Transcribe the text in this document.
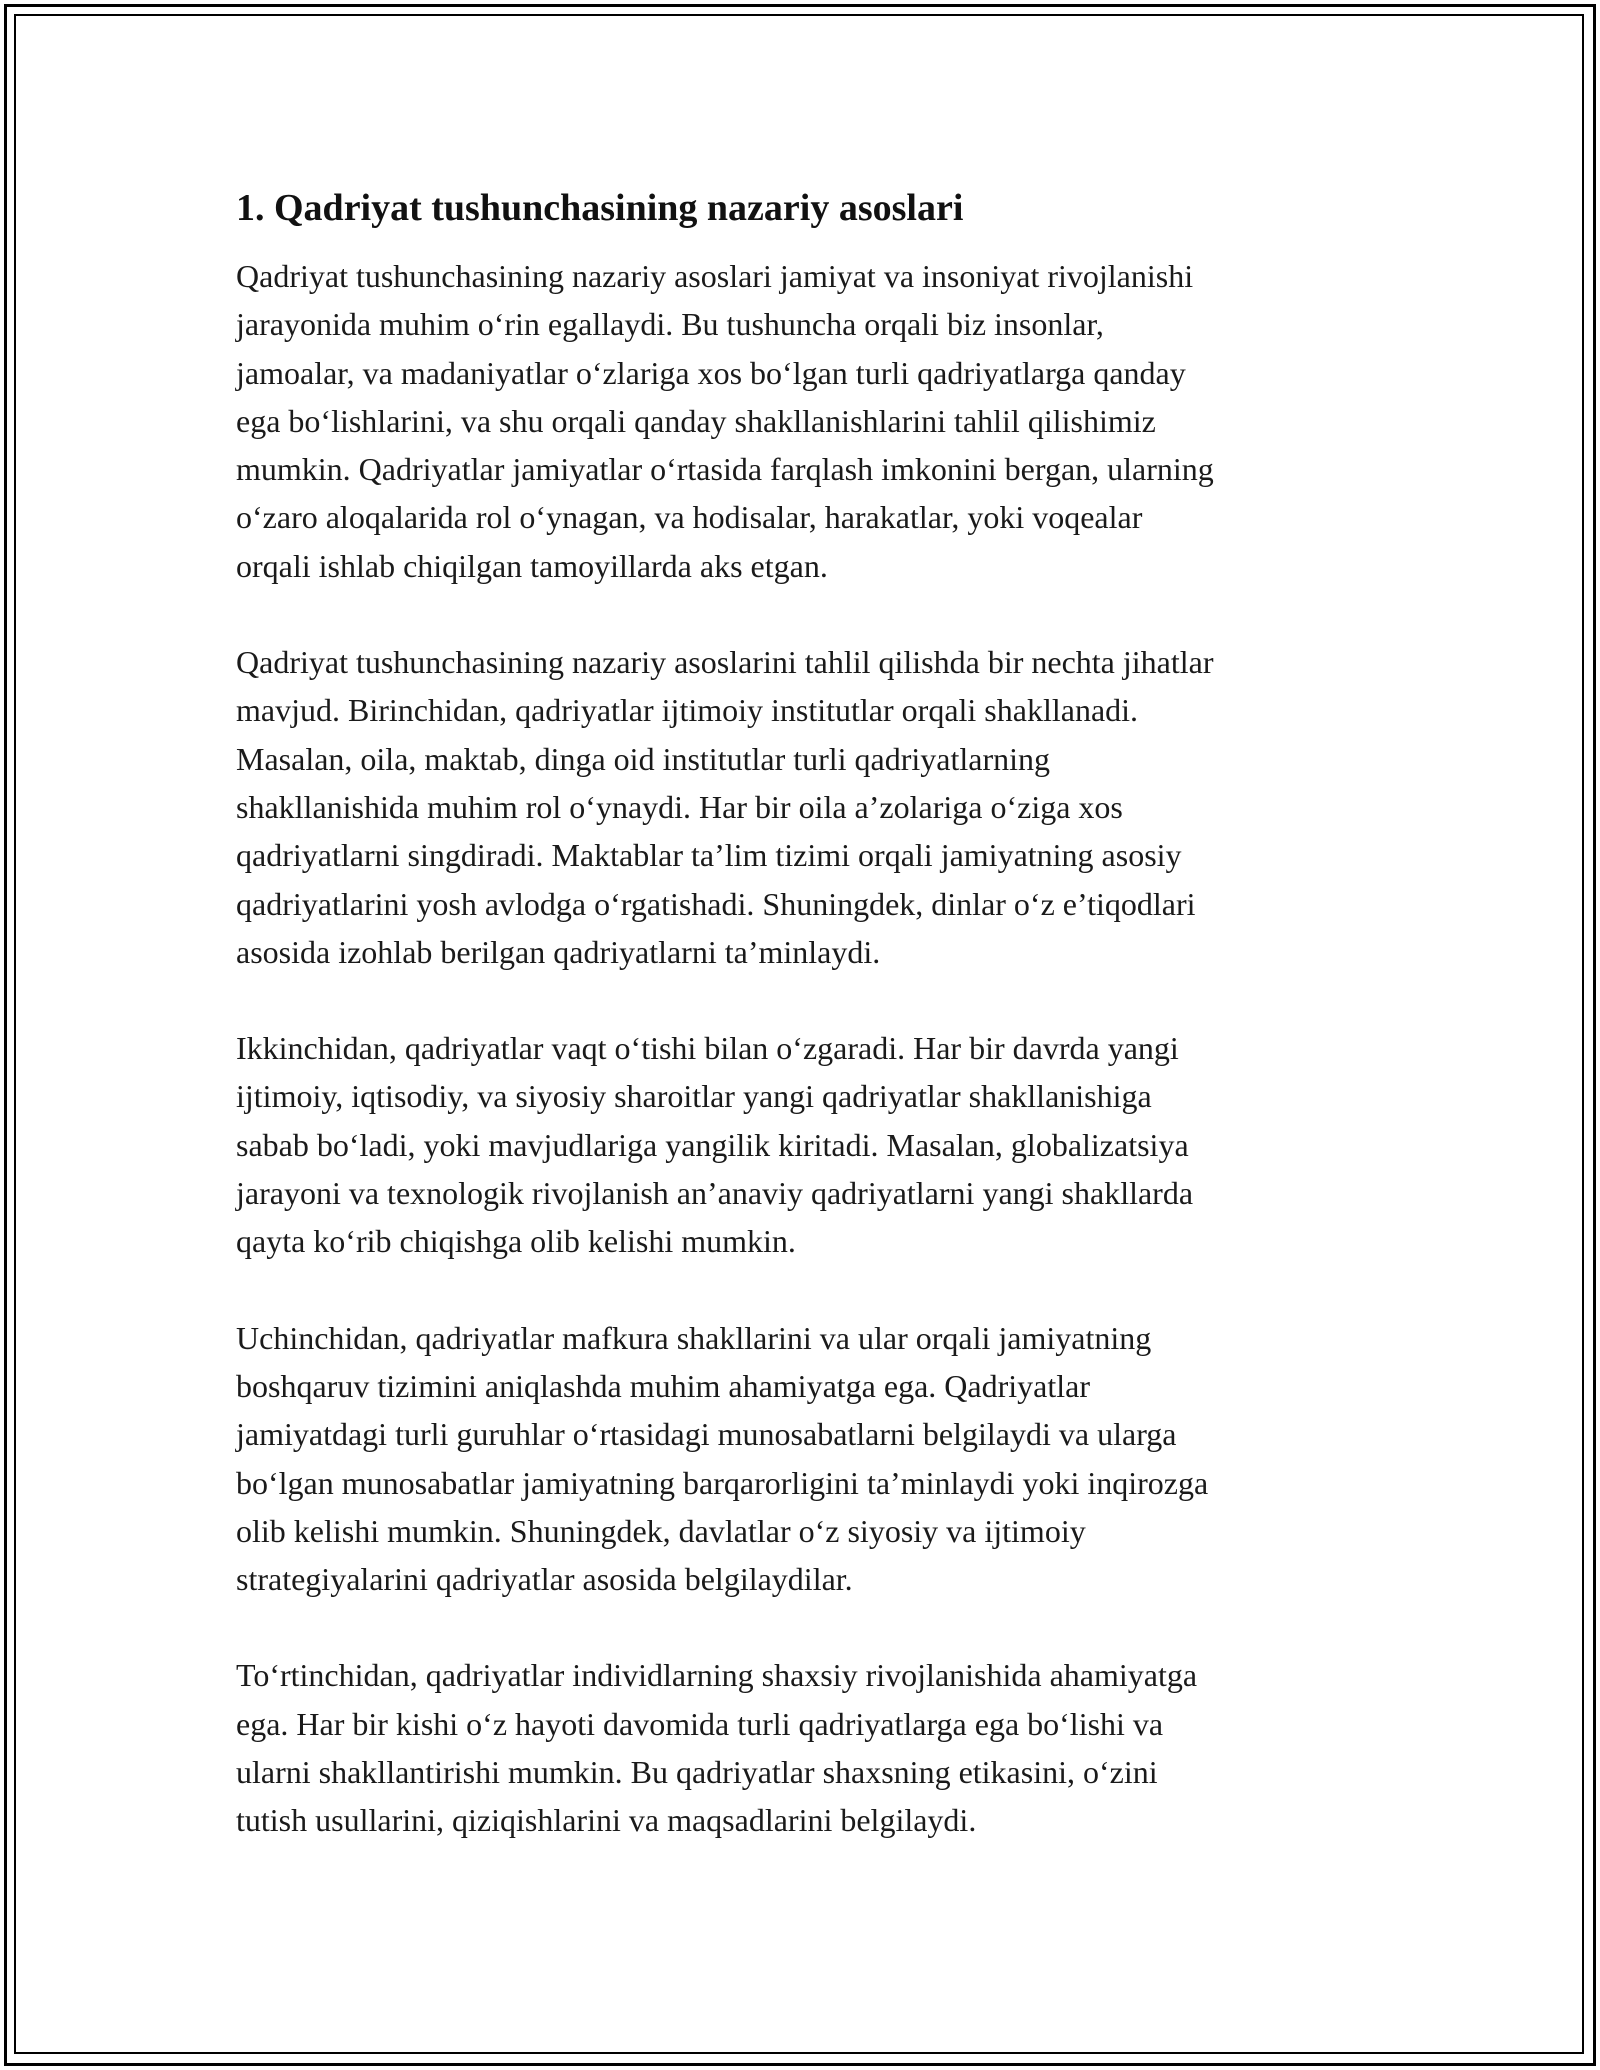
1. Qadriyat tushunchasining nazariy asoslari

Qadriyat tushunchasining nazariy asoslari jamiyat va insoniyat rivojlanishi
jarayonida muhim o‘rin egallaydi. Bu tushuncha orqali biz insonlar,
jamoalar, va madaniyatlar o‘zlariga xos bo‘lgan turli qadriyatlarga qanday
ega bo‘lishlarini, va shu orqali qanday shakllanishlarini tahlil qilishimiz
mumkin. Qadriyatlar jamiyatlar o‘rtasida farqlash imkonini bergan, ularning
o‘zaro aloqalarida rol o‘ynagan, va hodisalar, harakatlar, yoki voqealar
orqali ishlab chiqilgan tamoyillarda aks etgan.

Qadriyat tushunchasining nazariy asoslarini tahlil qilishda bir nechta jihatlar
mavjud. Birinchidan, qadriyatlar ijtimoiy institutlar orqali shakllanadi.
Masalan, oila, maktab, dinga oid institutlar turli qadriyatlarning
shakllanishida muhim rol o‘ynaydi. Har bir oila a’zolariga o‘ziga xos
qadriyatlarni singdiradi. Maktablar ta’lim tizimi orqali jamiyatning asosiy
qadriyatlarini yosh avlodga o‘rgatishadi. Shuningdek, dinlar o‘z e’tiqodlari
asosida izohlab berilgan qadriyatlarni ta’minlaydi.

Ikkinchidan, qadriyatlar vaqt o‘tishi bilan o‘zgaradi. Har bir davrda yangi
ijtimoiy, iqtisodiy, va siyosiy sharoitlar yangi qadriyatlar shakllanishiga
sabab bo‘ladi, yoki mavjudlariga yangilik kiritadi. Masalan, globalizatsiya
jarayoni va texnologik rivojlanish an’anaviy qadriyatlarni yangi shakllarda
qayta ko‘rib chiqishga olib kelishi mumkin.

Uchinchidan, qadriyatlar mafkura shakllarini va ular orqali jamiyatning
boshqaruv tizimini aniqlashda muhim ahamiyatga ega. Qadriyatlar
jamiyatdagi turli guruhlar o‘rtasidagi munosabatlarni belgilaydi va ularga
bo‘lgan munosabatlar jamiyatning barqarorligini ta’minlaydi yoki inqirozga
olib kelishi mumkin. Shuningdek, davlatlar o‘z siyosiy va ijtimoiy
strategiyalarini qadriyatlar asosida belgilaydilar.

To‘rtinchidan, qadriyatlar individlarning shaxsiy rivojlanishida ahamiyatga
ega. Har bir kishi o‘z hayoti davomida turli qadriyatlarga ega bo‘lishi va
ularni shakllantirishi mumkin. Bu qadriyatlar shaxsning etikasini, o‘zini
tutish usullarini, qiziqishlarini va maqsadlarini belgilaydi.
